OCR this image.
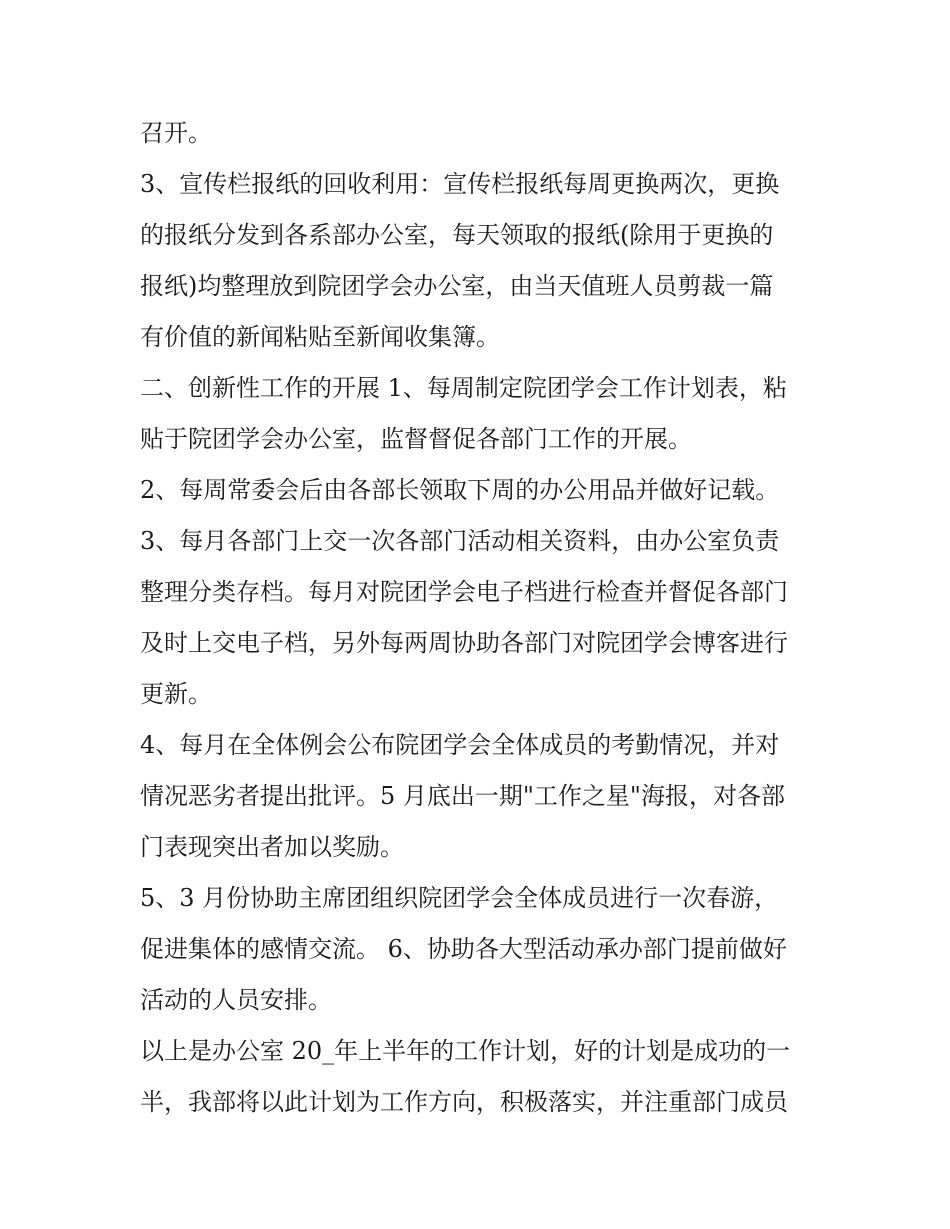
召开。
3、宣传栏报纸的回收利用：宣传栏报纸每周更换两次，更换
的报纸分发到各系部办公室，每天领取的报纸(除用于更换的
报纸)均整理放到院团学会办公室，由当天值班人员剪裁一篇
有价值的新闻粘贴至新闻收集簿。
二、创新性工作的开展 1、每周制定院团学会工作计划表，粘
贴于院团学会办公室，监督督促各部门工作的开展。
2、每周常委会后由各部长领取下周的办公用品并做好记载。
3、每月各部门上交一次各部门活动相关资料，由办公室负责
整理分类存档。每月对院团学会电子档进行检查并督促各部门
及时上交电子档，另外每两周协助各部门对院团学会博客进行
更新。
4、每月在全体例会公布院团学会全体成员的考勤情况，并对
情况恶劣者提出批评。5 月底出一期"工作之星"海报，对各部
门表现突出者加以奖励。
5、3 月份协助主席团组织院团学会全体成员进行一次春游，
促进集体的感情交流。 6、协助各大型活动承办部门提前做好
活动的人员安排。
以上是办公室 20_年上半年的工作计划，好的计划是成功的一
半，我部将以此计划为工作方向，积极落实，并注重部门成员
